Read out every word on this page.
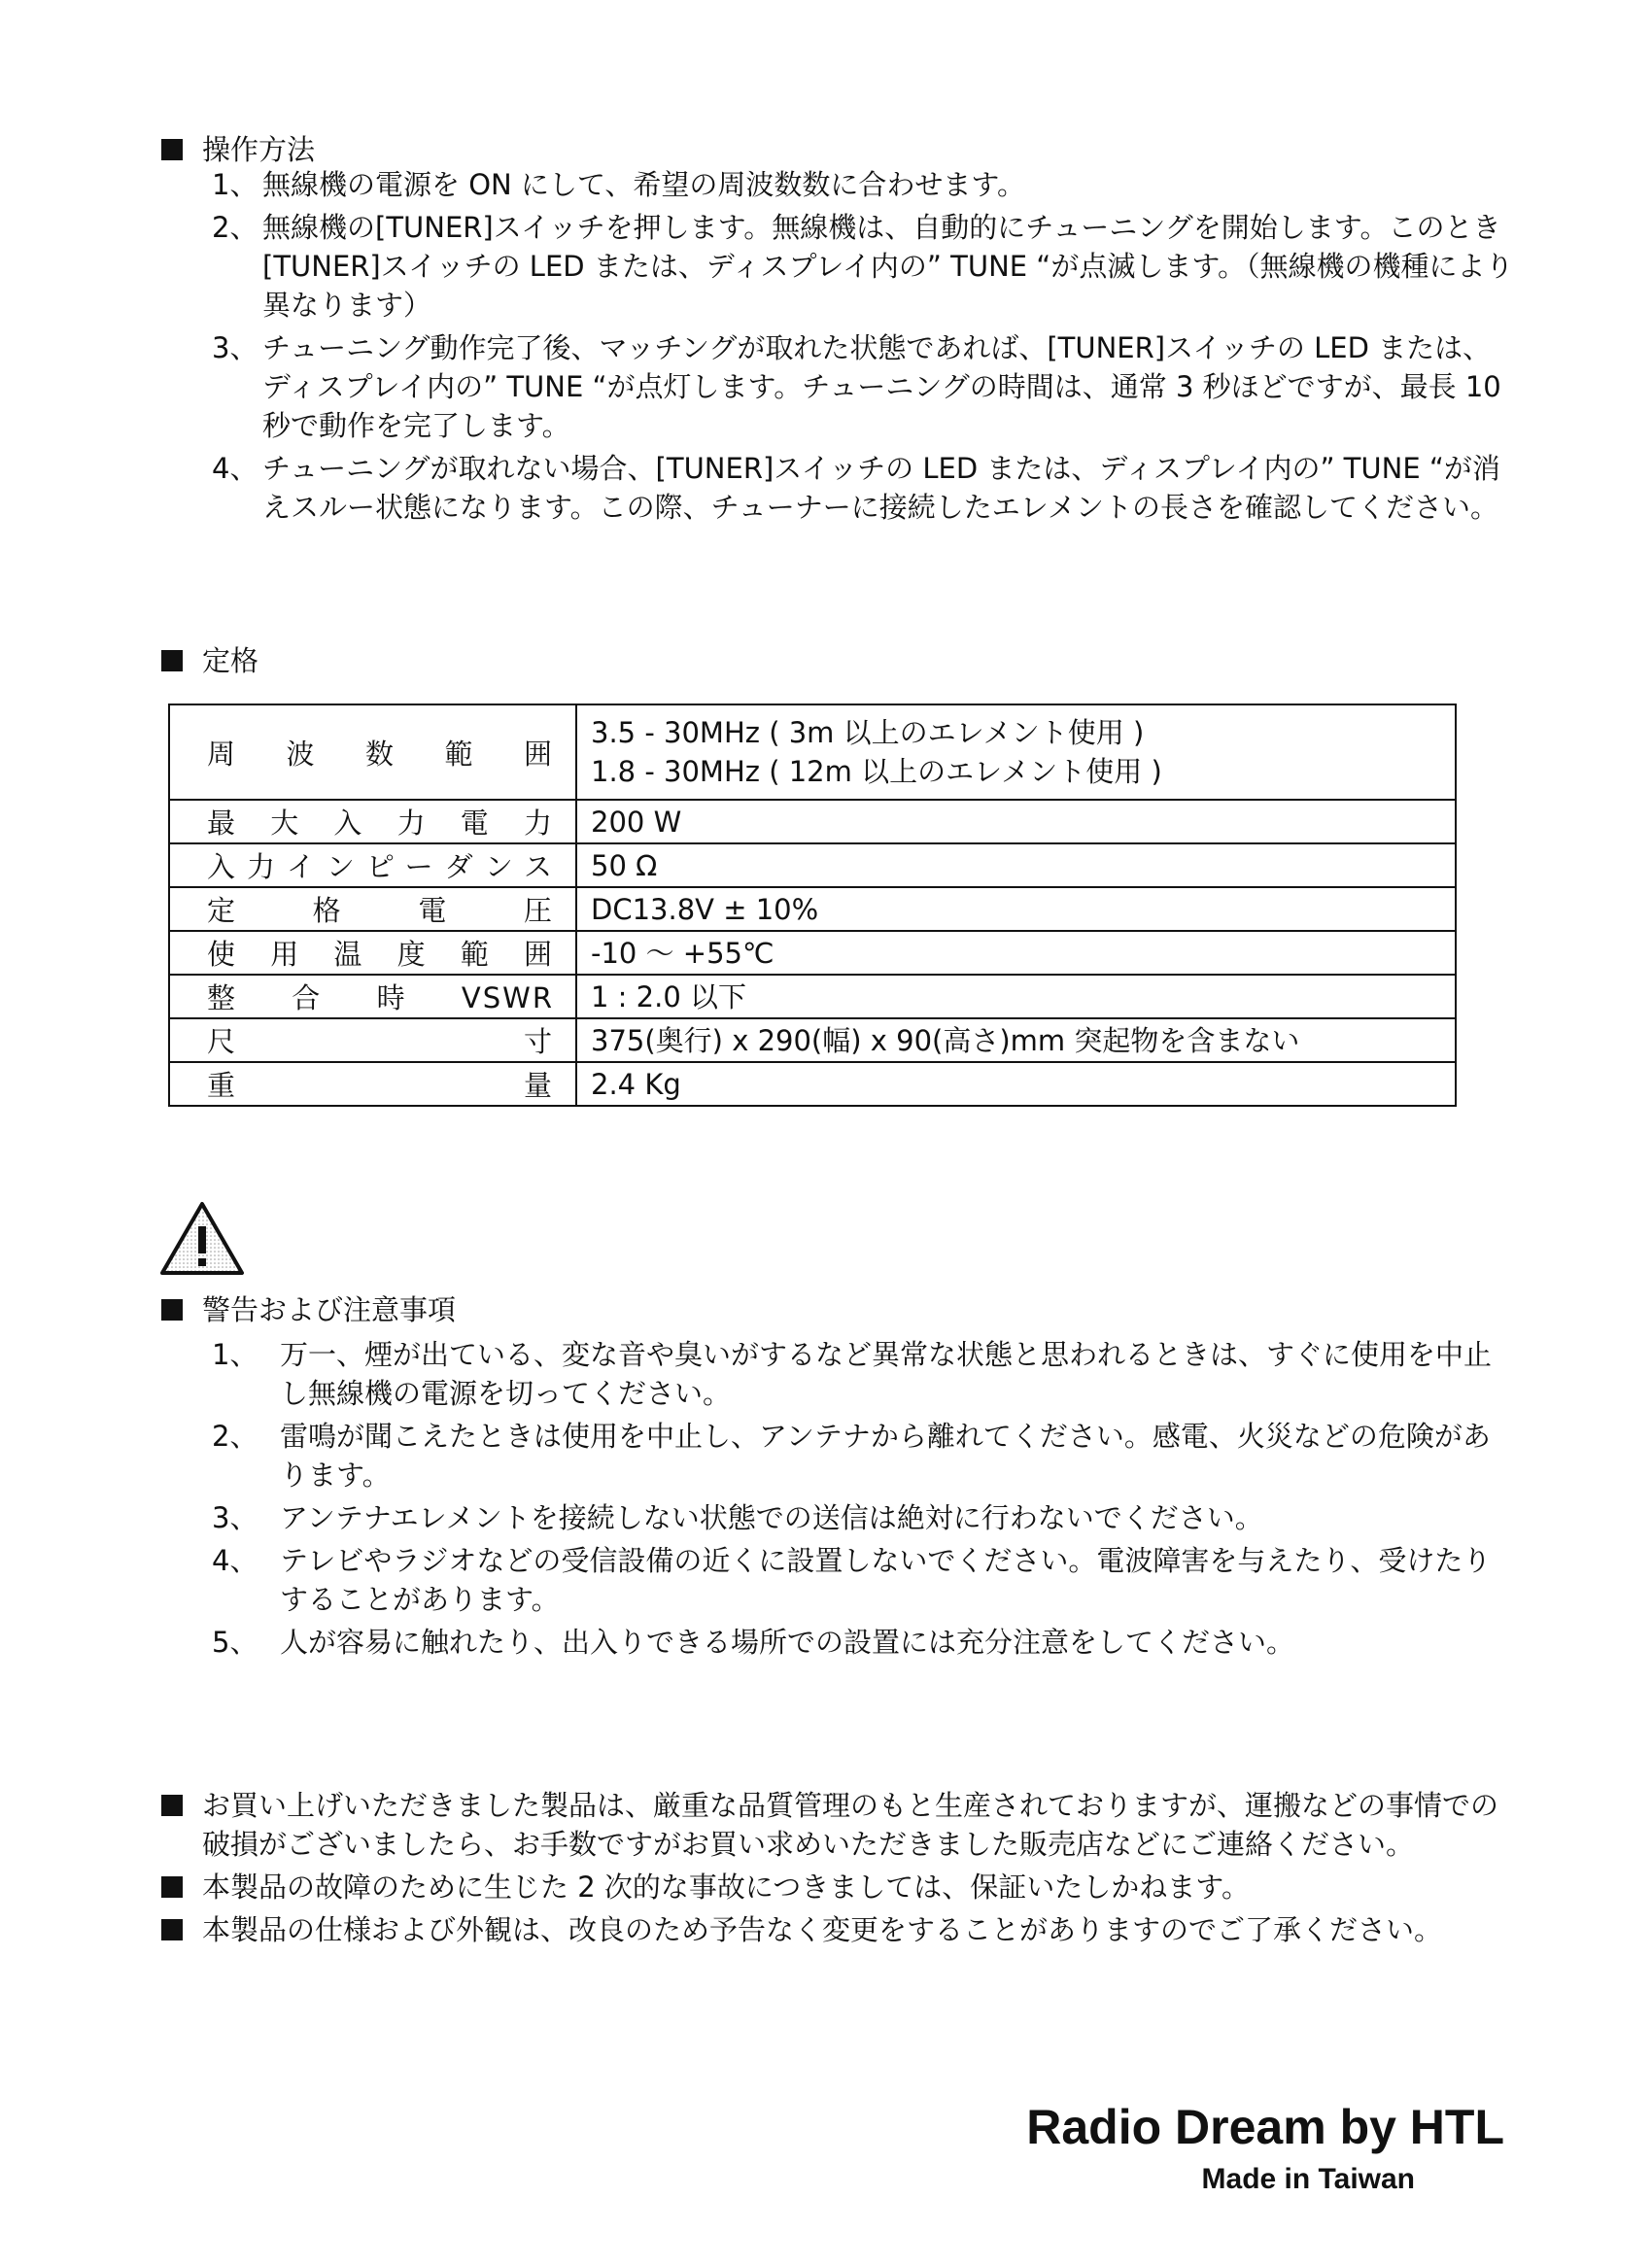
操作方法
1、 無線機の電源を ON にして、希望の周波数数に合わせます。
2、 無線機の[TUNER]スイッチを押します。無線機は、自動的にチューニングを開始します。このとき[TUNER]スイッチの LED または、ディスプレイ内の” TUNE “が点滅します。（無線機の機種により異なります）
3、 チューニング動作完了後、マッチングが取れた状態であれば、[TUNER]スイッチの LED または、ディスプレイ内の” TUNE “が点灯します。チューニングの時間は、通常 3 秒ほどですが、最長 10 秒で動作を完了します。
4、 チューニングが取れない場合、[TUNER]スイッチの LED または、ディスプレイ内の” TUNE “が消えスルー状態になります。この際、チューナーに接続したエレメントの長さを確認してください。
定格
周波数範囲	3.5 - 30MHz ( 3m 以上のエレメント使用 )
1.8 - 30MHz ( 12m 以上のエレメント使用 )

最大入力電力	200 W
入力インピーダンス	50 Ω
定格電圧	DC13.8V ± 10%
使用温度範囲	-10 ～ +55℃
整合時VSWR	1 : 2.0 以下
尺寸	375(奥行) x 290(幅) x 90(高さ)mm 突起物を含まない
重量	2.4 Kg
警告および注意事項
1、 万一、煙が出ている、変な音や臭いがするなど異常な状態と思われるときは、すぐに使用を中止し無線機の電源を切ってください。
2、 雷鳴が聞こえたときは使用を中止し、アンテナから離れてください。感電、火災などの危険があります。
3、 アンテナエレメントを接続しない状態での送信は絶対に行わないでください。
4、 テレビやラジオなどの受信設備の近くに設置しないでください。電波障害を与えたり、受けたりすることがあります。
5、 人が容易に触れたり、出入りできる場所での設置には充分注意をしてください。
お買い上げいただきました製品は、厳重な品質管理のもと生産されておりますが、運搬などの事情での破損がございましたら、お手数ですがお買い求めいただきました販売店などにご連絡ください。
本製品の故障のために生じた 2 次的な事故につきましては、保証いたしかねます。
本製品の仕様および外観は、改良のため予告なく変更をすることがありますのでご了承ください。
Radio Dream by HTL
Made in Taiwan
